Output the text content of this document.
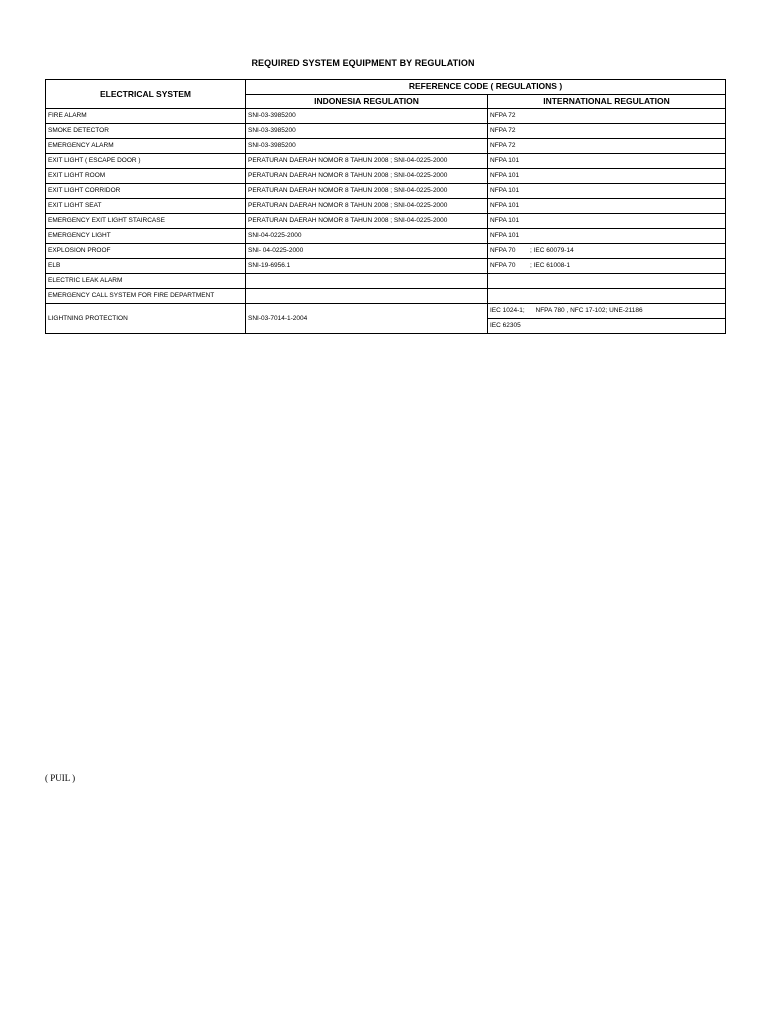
REQUIRED SYSTEM EQUIPMENT BY REGULATION
ELECTRICAL SYSTEM	REFERENCE CODE ( REGULATIONS )	
	INDONESIA REGULATION	INTERNATIONAL REGULATION
FIRE ALARM	SNI-03-3985200	NFPA 72
SMOKE DETECTOR	SNI-03-3985200	NFPA 72
EMERGENCY ALARM	SNI-03-3985200	NFPA 72
EXIT LIGHT ( ESCAPE DOOR )	PERATURAN DAERAH NOMOR 8 TAHUN 2008 ; SNI-04-0225-2000	NFPA 101
EXIT LIGHT ROOM	PERATURAN DAERAH NOMOR 8 TAHUN 2008 ; SNI-04-0225-2000	NFPA 101
EXIT LIGHT CORRIDOR	PERATURAN DAERAH NOMOR 8 TAHUN 2008 ; SNI-04-0225-2000	NFPA 101
EXIT LIGHT SEAT	PERATURAN DAERAH NOMOR 8 TAHUN 2008 ; SNI-04-0225-2000	NFPA 101
EMERGENCY EXIT LIGHT STAIRCASE	PERATURAN DAERAH NOMOR 8 TAHUN 2008 ; SNI-04-0225-2000	NFPA 101
EMERGENCY LIGHT	SNI-04-0225-2000	NFPA 101
EXPLOSION PROOF	SNI- 04-0225-2000	NFPA 70        ; IEC 60079-14
ELB	SNI-19-6956.1	NFPA 70        ; IEC 61008-1
ELECTRIC LEAK ALARM		
EMERGENCY CALL SYSTEM FOR FIRE DEPARTMENT		
LIGHTNING PROTECTION	SNI-03-7014-1-2004	IEC 1024-1;      NFPA 780 , NFC 17-102; UNE-21186
		IEC 62305
( PUIL )
